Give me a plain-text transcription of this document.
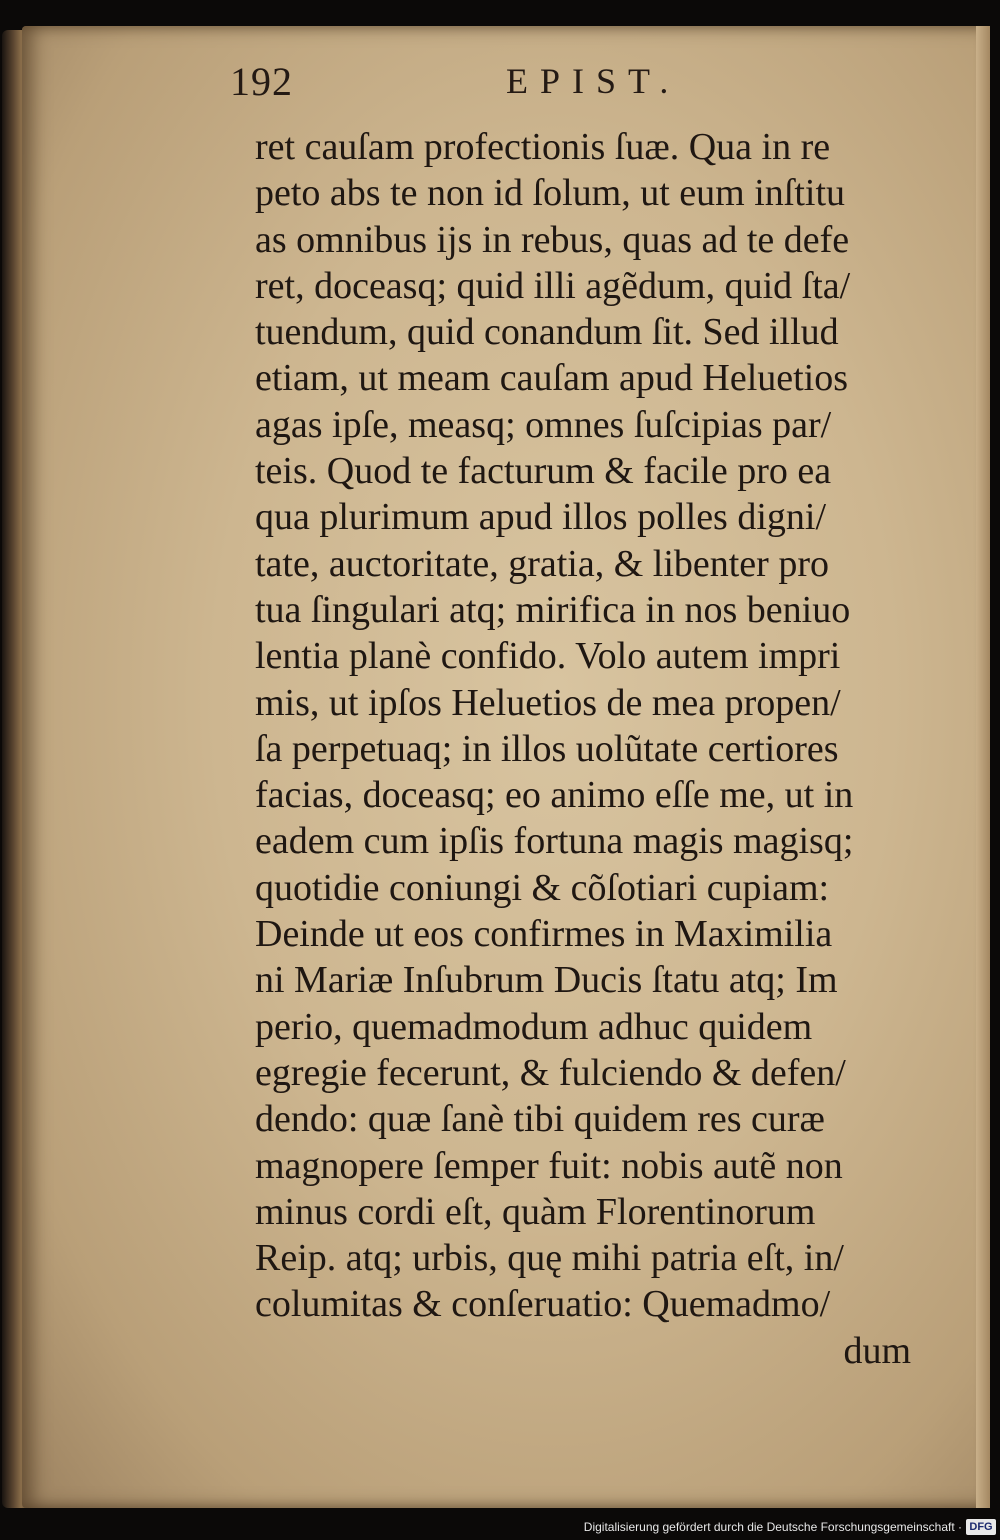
192	EPIST.
ret cauſam profectionis ſuæ. Qua in re
peto abs te non id ſolum, ut eum inſtitu
as omnibus ijs in rebus, quas ad te defe
ret, doceasq; quid illi agẽdum, quid ſta/
tuendum, quid conandum ſit. Sed illud
etiam, ut meam cauſam apud Heluetios
agas ipſe, measq; omnes ſuſcipias par/
teis. Quod te facturum & facile pro ea
qua plurimum apud illos polles digni/
tate, auctoritate, gratia, & libenter pro
tua ſingulari atq; mirifica in nos beniuo
lentia planè confido. Volo autem impri
mis, ut ipſos Heluetios de mea propen/
ſa perpetuaq; in illos uolũtate certiores
facias, doceasq; eo animo eſſe me, ut in
eadem cum ipſis fortuna magis magisq;
quotidie coniungi & cõſotiari cupiam:
Deinde ut eos confirmes in Maximilia
ni Mariæ Inſubrum Ducis ſtatu atq; Im
perio, quemadmodum adhuc quidem
egregie fecerunt, & fulciendo & defen/
dendo: quæ ſanè tibi quidem res curæ
magnopere ſemper fuit: nobis autẽ non
minus cordi eſt, quàm Florentinorum
Reip. atq; urbis, quę mihi patria eſt, in/
columitas & conſeruatio: Quemadmo/
dum
Digitalisierung gefördert durch die Deutsche Forschungsgemeinschaft · DFG
